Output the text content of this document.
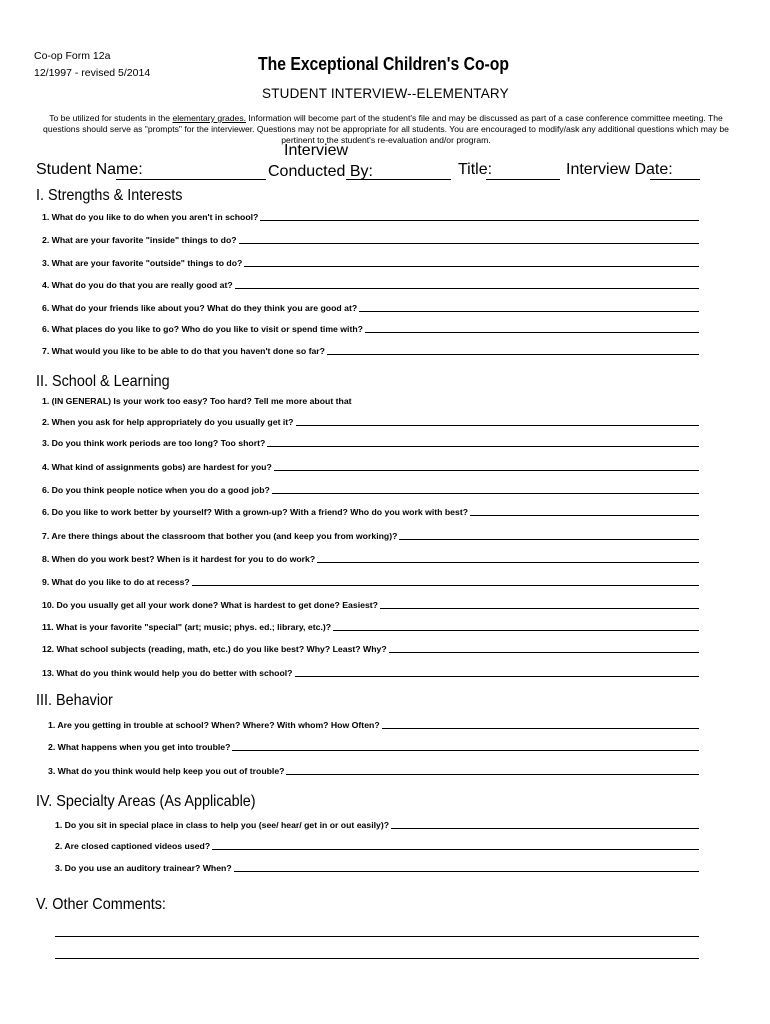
Co-op Form 12a
12/1997 - revised 5/2014	The Exceptional Children's Co-op
STUDENT INTERVIEW--ELEMENTARY
To be utilized for students in the elementary grades. Information will become part of the student's file and may be discussed as part of a case conference committee meeting. The questions should serve as "prompts" for the interviewer. Questions may not be appropriate for all students. You are encouraged to modify/ask any additional questions which may be pertinent to the student's re-evaluation and/or program.
Student Name:
Interview
Conducted By:	Title:	Interview Date:
I. Strengths & Interests
1. What do you like to do when you aren't in school?
2. What are your favorite "inside" things to do?
3. What are your favorite "outside" things to do?
4. What do you do that you are really good at?
6. What do your friends like about you? What do they think you are good at?
6. What places do you like to go? Who do you like to visit or spend time with?
7. What would you like to be able to do that you haven't done so far?
II. School & Learning
1. (IN GENERAL) Is your work too easy? Too hard? Tell me more about that
2. When you ask for help appropriately do you usually get it?
3. Do you think work periods are too long? Too short?
4. What kind of assignments gobs) are hardest for you?
6. Do you think people notice when you do a good job?
6. Do you like to work better by yourself? With a grown-up? With a friend? Who do you work with best?
7. Are there things about the classroom that bother you (and keep you from working)?
8. When do you work best? When is it hardest for you to do work?
9. What do you like to do at recess?
10. Do you usually get all your work done? What is hardest to get done? Easiest?
11. What is your favorite "special" (art; music; phys. ed.; library, etc.)?
12. What school subjects (reading, math, etc.) do you like best? Why? Least? Why?
13. What do you think would help you do better with school?
III. Behavior
1. Are you getting in trouble at school? When? Where? With whom? How Often?
2. What happens when you get into trouble?
3. What do you think would help keep you out of trouble?
IV. Specialty Areas (As Applicable)
1. Do you sit in special place in class to help you (see/ hear/ get in or out easily)?
2. Are closed captioned videos used?
3. Do you use an auditory trainear? When?
V. Other Comments:
